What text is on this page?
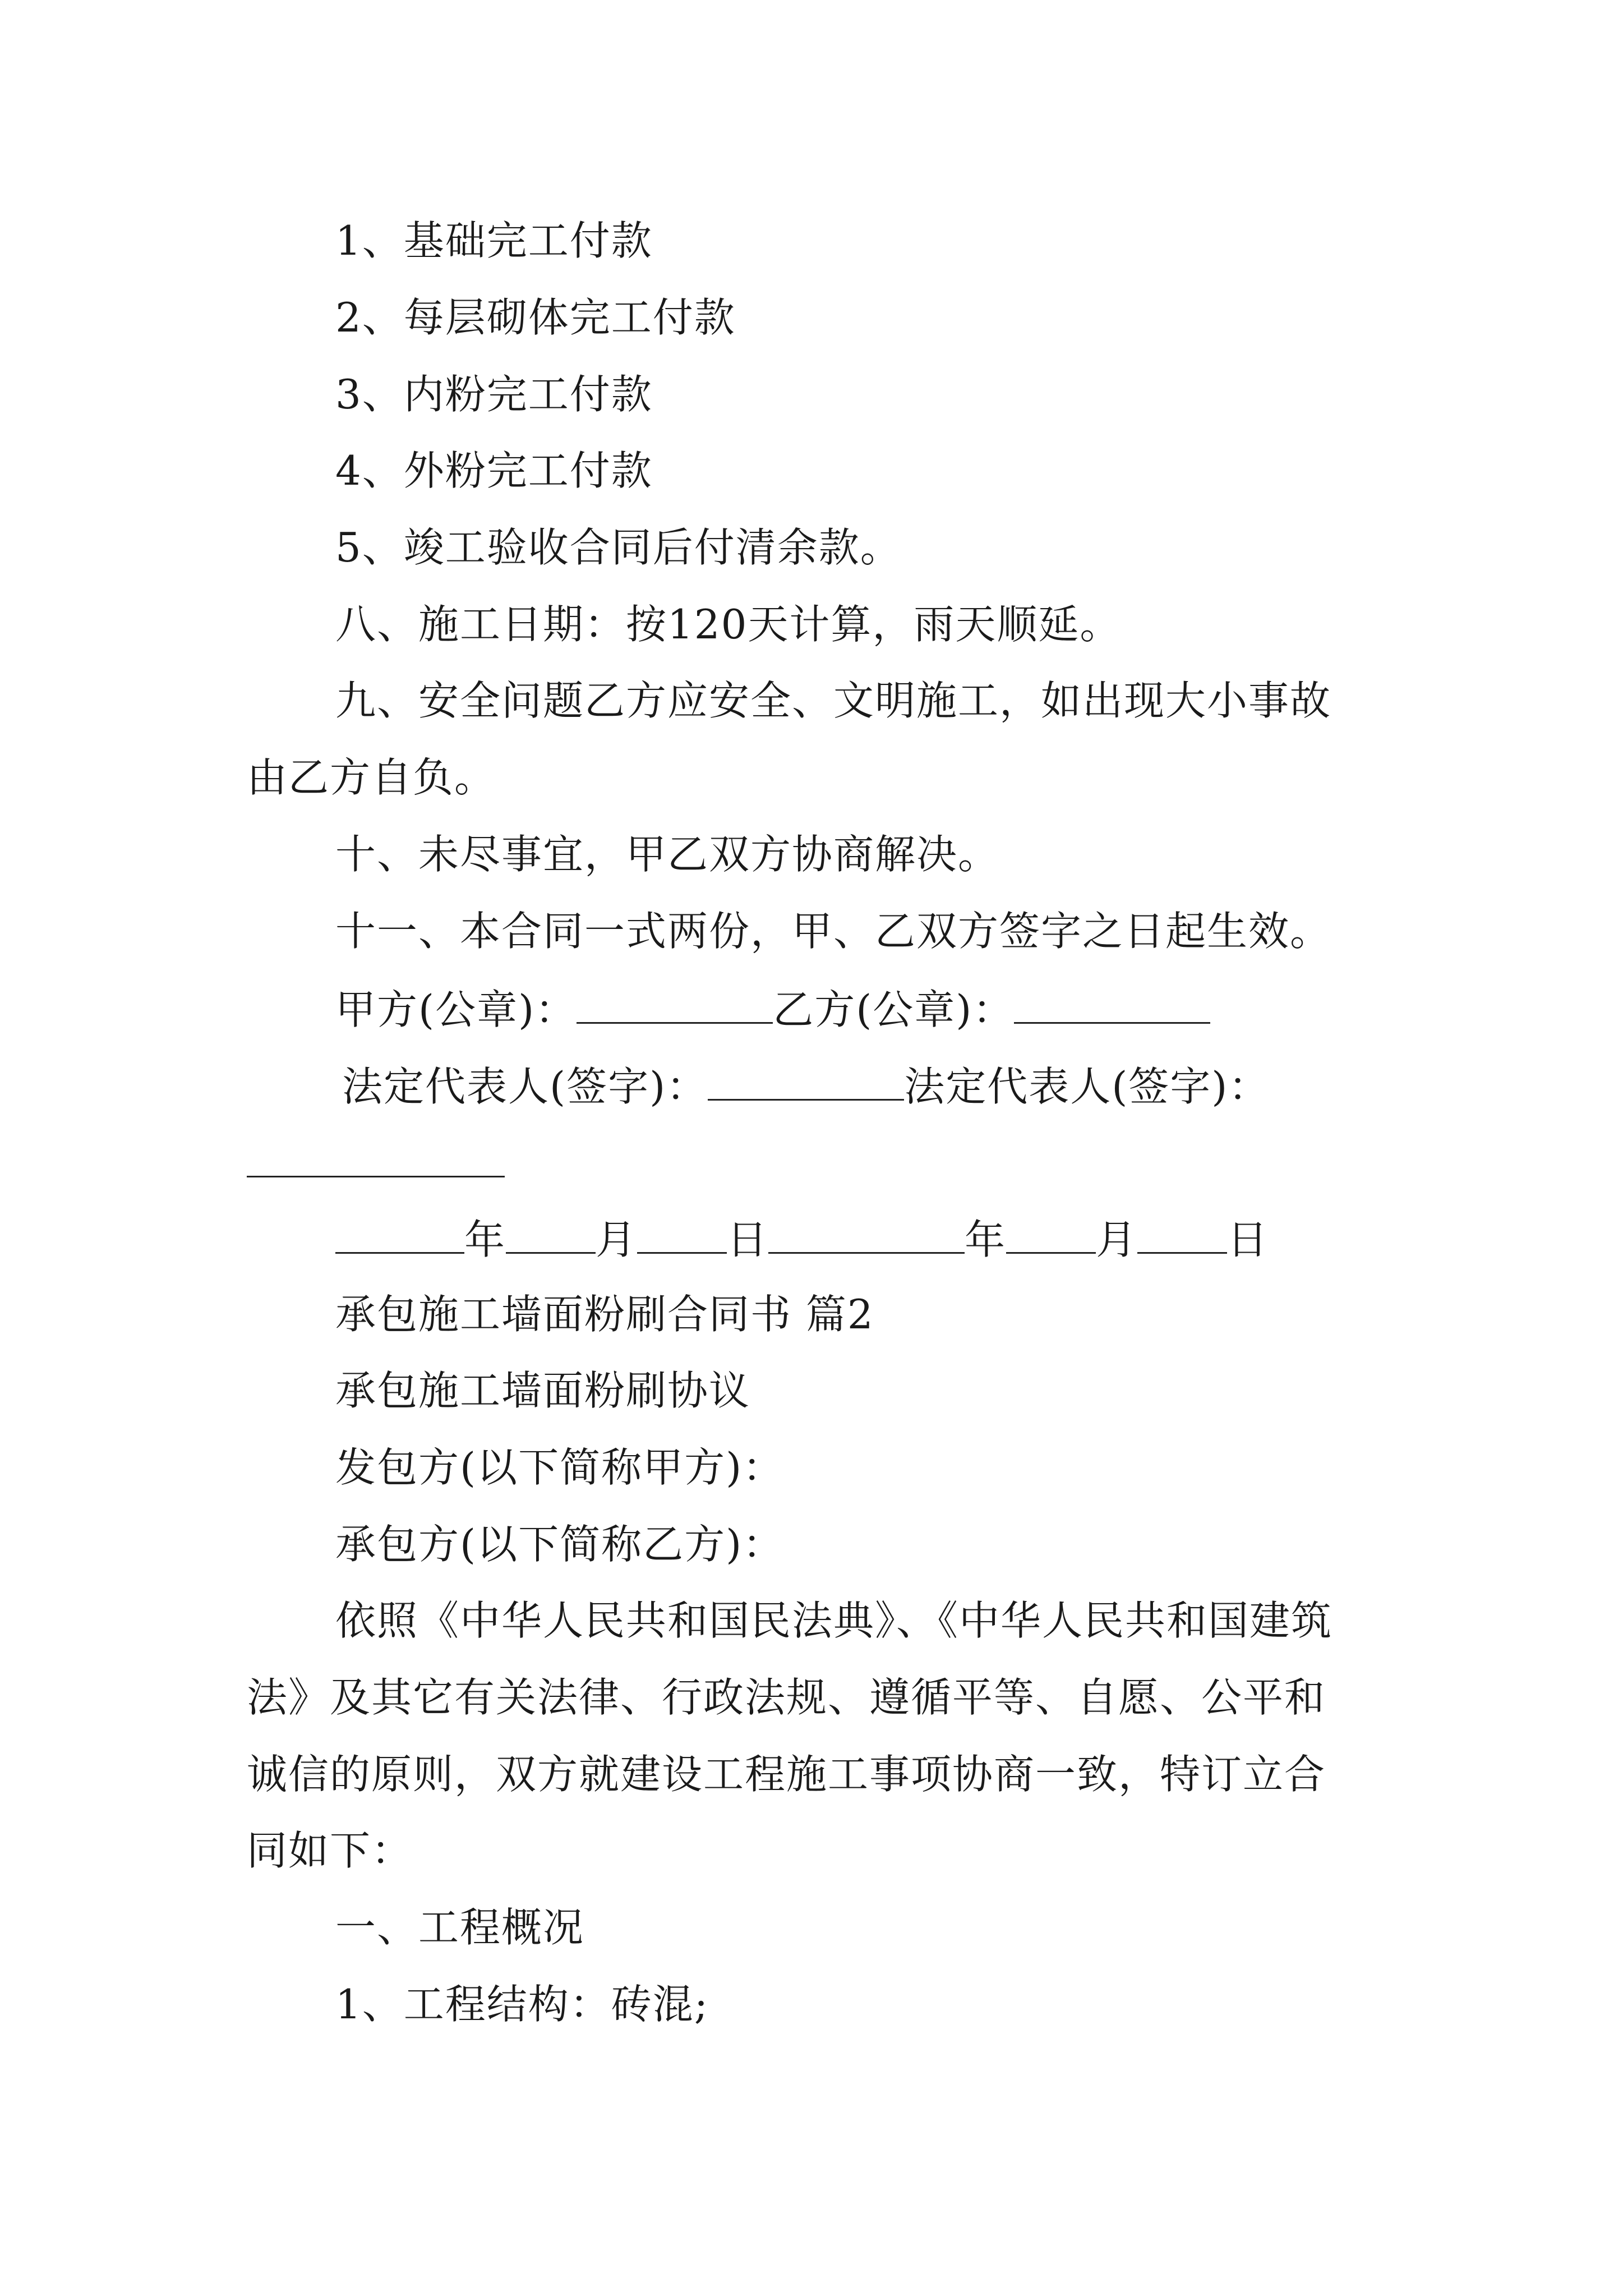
1、基础完工付款
2、每层砌体完工付款
3、内粉完工付款
4、外粉完工付款
5、竣工验收合同后付清余款。
八、施工日期：按120天计算，雨天顺延。
九、安全问题乙方应安全、文明施工，如出现大小事故
由乙方自负。
十、未尽事宜，甲乙双方协商解决。
十一、本合同一式两份，甲、乙双方签字之日起生效。
甲方(公章)：	乙方(公章)：
法定代表人(签字)：	法定代表人(签字)：
年 月 日	年 月 日
承包施工墙面粉刷合同书 篇2
承包施工墙面粉刷协议
发包方(以下简称甲方)：
承包方(以下简称乙方)：
依照《中华人民共和国民法典》、《中华人民共和国建筑
法》及其它有关法律、行政法规、遵循平等、自愿、公平和
诚信的原则，双方就建设工程施工事项协商一致，特订立合
同如下：
一、工程概况
1、工程结构：砖混;
